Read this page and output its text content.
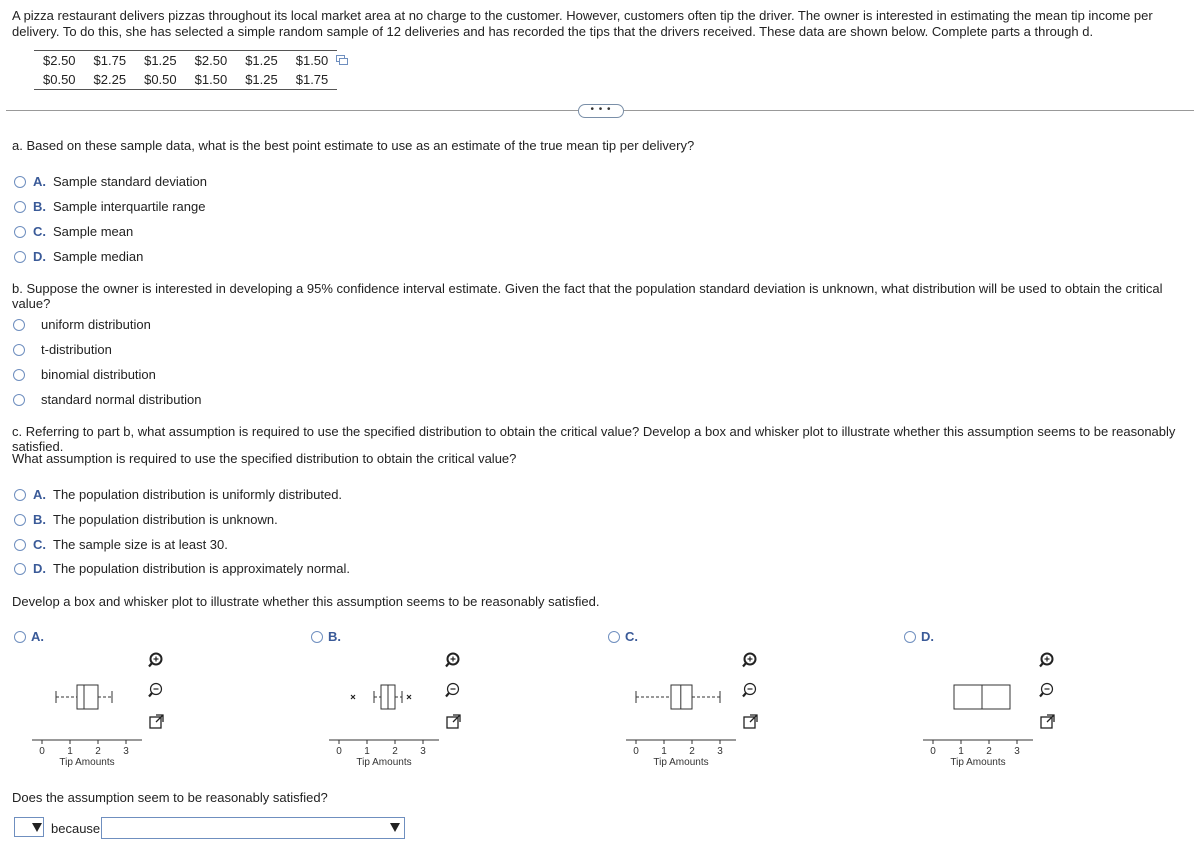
A pizza restaurant delivers pizzas throughout its local market area at no charge to the customer. However, customers often tip the driver. The owner is interested in estimating the mean tip income per delivery. To do this, she has selected a simple random sample of 12 deliveries and has recorded the tips that the drivers received. These data are shown below. Complete parts a through d.
$2.50	$1.75	$1.25	$2.50	$1.25	$1.50
$0.50	$2.25	$0.50	$1.50	$1.25	$1.75
• • •
a. Based on these sample data, what is the best point estimate to use as an estimate of the true mean tip per delivery?
A. Sample standard deviation
B. Sample interquartile range
C. Sample mean
D. Sample median
b. Suppose the owner is interested in developing a 95% confidence interval estimate. Given the fact that the population standard deviation is unknown, what distribution will be used to obtain the critical value?
uniform distribution
t-distribution
binomial distribution
standard normal distribution
c. Referring to part b, what assumption is required to use the specified distribution to obtain the critical value? Develop a box and whisker plot to illustrate whether this assumption seems to be reasonably satisfied.
What assumption is required to use the specified distribution to obtain the critical value?
A. The population distribution is uniformly distributed.
B. The population distribution is unknown.
C. The sample size is at least 30.
D. The population distribution is approximately normal.
Develop a box and whisker plot to illustrate whether this assumption seems to be reasonably satisfied.
A.	B.	C.	D.
0 1 2 3
Tip Amounts
0 1 2 3
Tip Amounts
0 1 2 3
Tip Amounts
0 1 2 3
Tip Amounts
Does the assumption seem to be reasonably satisfied?
because
